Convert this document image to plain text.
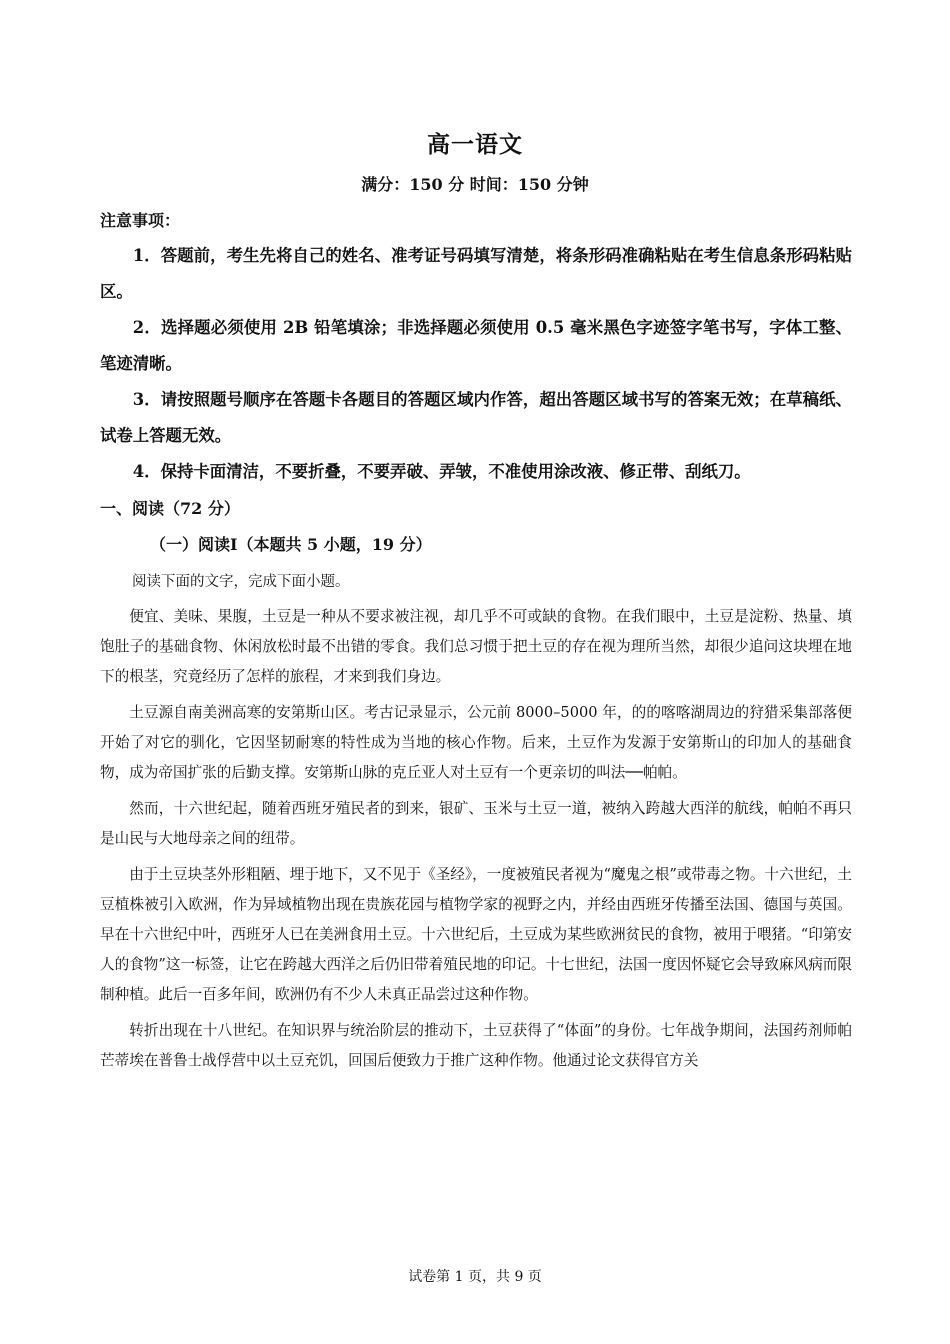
高一语文
满分：150 分 时间：150 分钟
注意事项：

1．答题前，考生先将自己的姓名、准考证号码填写清楚，将条形码准确粘贴在考生信息条形码粘贴区。

2．选择题必须使用 2B 铅笔填涂；非选择题必须使用 0.5 毫米黑色字迹签字笔书写，字体工整、笔迹清晰。

3．请按照题号顺序在答题卡各题目的答题区域内作答，超出答题区域书写的答案无效；在草稿纸、试卷上答题无效。

4．保持卡面清洁，不要折叠，不要弄破、弄皱，不准使用涂改液、修正带、刮纸刀。

一、阅读（72 分）
（一）阅读Ⅰ（本题共 5 小题，19 分）
阅读下面的文字，完成下面小题。

便宜、美味、果腹，土豆是一种从不要求被注视，却几乎不可或缺的食物。在我们眼中，土豆是淀粉、热量、填饱肚子的基础食物、休闲放松时最不出错的零食。我们总习惯于把土豆的存在视为理所当然，却很少追问这块埋在地下的根茎，究竟经历了怎样的旅程，才来到我们身边。

土豆源自南美洲高寒的安第斯山区。考古记录显示，公元前 8000–5000 年，的的喀喀湖周边的狩猎采集部落便开始了对它的驯化，它因坚韧耐寒的特性成为当地的核心作物。后来，土豆作为发源于安第斯山的印加人的基础食物，成为帝国扩张的后勤支撑。安第斯山脉的克丘亚人对土豆有一个更亲切的叫法──帕帕。

然而，十六世纪起，随着西班牙殖民者的到来，银矿、玉米与土豆一道，被纳入跨越大西洋的航线，帕帕不再只是山民与大地母亲之间的纽带。

由于土豆块茎外形粗陋、埋于地下，又不见于《圣经》，一度被殖民者视为“魔鬼之根”或带毒之物。十六世纪，土豆植株被引入欧洲，作为异域植物出现在贵族花园与植物学家的视野之内，并经由西班牙传播至法国、德国与英国。早在十六世纪中叶，西班牙人已在美洲食用土豆。十六世纪后，土豆成为某些欧洲贫民的食物，被用于喂猪。“印第安人的食物”这一标签，让它在跨越大西洋之后仍旧带着殖民地的印记。十七世纪，法国一度因怀疑它会导致麻风病而限制种植。此后一百多年间，欧洲仍有不少人未真正品尝过这种作物。

转折出现在十八世纪。在知识界与统治阶层的推动下，土豆获得了“体面”的身份。七年战争期间，法国药剂师帕芒蒂埃在普鲁士战俘营中以土豆充饥，回国后便致力于推广这种作物。他通过论文获得官方关

试卷第 1 页，共 9 页
